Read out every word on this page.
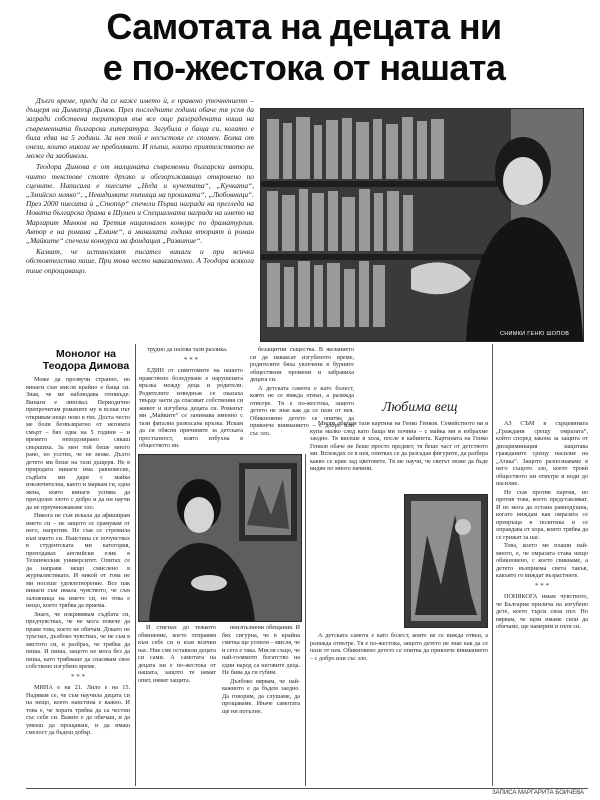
Самотата на децата ни
е по-жестока от нашата

Дълго време, преди да се каже името ѝ, е правено уточнението – дъщеря на Димитър Димов. През последните години обаче тя успя да загради собствена територия във все още разградената ниша на съвременната българска литература. Загубила е баща си, когато е била едва на 5 години. За нея той е несъстоял се спомен. Болка от онези, които никога не преболяват. И пълни, които приятелството не може да заобиколи.

Теодора Димова е от малцината съвременни български автори, чиито текстове стоят дръзко и обезоръжаващо откровено по сцените. Написала е пиесите „Неда и кучетата“, „Кучката“, „Змийско мляко“, „Невидимите пътища на прошката“, „Любовници“. През 2000 пиесата ѝ „Стопър“ спечели Първа награда на прегледа на Новата българска драма в Шумен и Специалната награда на името на Маргарит Минков на Третия национален конкурс по драматургия. Автор е на романа „Емине“, а миналата година вторият ѝ роман „Майките“ спечели конкурса на фондация „Развитие“.

Казват, че истинският писател винаги и при всички обстоятелства пише. При това често наказателно. А Теодора всякога пише опрощаващо.

СНИМКИ ГЕНЮ ШОПОВ
Монолог на Теодора Димова

Може да прозвучи странно, но винаги съм мисля крайно е баща си. Зная, че ме наблюдава отнякъде. Винаги е липсвал. Периодично препрочитам романите му и всеки път откривам нещо ново в тях. Доста често ме боли безвъзвратно от неговата смърт – бях едва на 5 години – и времето неподозирано сякаш свършиха. За мен той беше много рано, но усетих, че не може. Дълго детето ми беше на тази дъщеря. Не в природата винаги има равновесие, съдбата ми дари с майка изключителна, както и маркам ги, една жена, която винаги успява да преодолее злото с добро и да ни научи да не преумножаваме зло.

Никога не съм искала да афиширам името си – не защото се срамувам от него, напротив. Не съм се стремила към името си. Наистина се почувствах в студентската ми категория, преподавах английски език в Техническия университет. Опитах се да направя нещо смислено в журналистиката. И никой от това не ми носеше удовлетворение. Все пак винаги съм имала чувството, че съм заложница на името си, но това е нещо, което трябва да приема.

Знаех, че изкривявам съдбата си, предчувствах, че не мога повече да правя това, което не обичам. Докато не тръгнах, дълбоко чувствах, че не съм в мястото си, и разбрах, че трябва да пиша. И пиша, защото не мога без да пиша, като трябваше да спасявам свое собствено изгубено време.

* * *

МИНА е на 21. Лило е на 15. Надявам се, че съм научила децата си на нещо, което наистина е важно. И това е, че хората трябва да са честни със себе си. Важно е да обичаш, и да умееш да прощаваш, и да имаш смелост да бъдеш добър.

трудно да назова тази разлика.

* * *

ЕДИН от симптомите на нашето нравствено боледуване е нарушената връзка между деца и родители. Родителите изведнъж се оказаха твърде заети да спасяват собствения си живот и изгубиха децата си. Романът ми „Майките“ се занимава именно с тази фатална разкъсана връзка. Искам да си обясня причините за детската престъпност, която избухна в обществото ни.

безащитни същества. В желанието си да наваксат изгубеното време, родителите бяха увлечени в бурните обществени промени и забравиха децата си.

А детската самота е като болест, която не се вижда отвън, а разяжда отвътре. Тя е по-жестока, защото детето не знае как да се пази от нея. Обикновено детето се опитва да привлече вниманието – с добро или със зло.

И стигнах до тежкото обвинение, което отправям към себе си и към всички нас. Ние сме оставили децата си сами. А самотата на децата ни е по-жестока от нашата, защото те нямат опит, нямат защита.

неизпълнени обещания. И бях сигурна, че в крайна сметка ще успеем – мисля, че и сега е така. Мисля също, че най-голямото богатство на един народ са неговите деца. Не бива да ги губим.

Дълбоко вярвам, че най-важното е да бъдем заедно. Да говорим, да слушаме, да прощаваме. Иначе самотата ще ни погълне.

Любима вещ

Много обичам тази картина на Генко Генков. Семейството ни я купи малко след като баща ми почина – с майка ми я избрахме заедно. Тя висеше в хола, после в кабинета. Картината на Генко Генков обаче не беше просто предмет, тя беше част от детството ми. Вглеждах се в нея, опитвах се да разгадая фигурите, да разбера какво се крие зад цветовете. Тя ме научи, че светът може да бъде видян по много начини.

А детската самота е като болест, която не се вижда отвън, а разяжда отвътре. Тя е по-жестока, защото детето не знае как да се пази от нея. Обикновено детето се опитва да привлече вниманието – с добро или със зло.

АЗ СЪМ в сърцевината „Граждани срещу омразата“, който според закона за защита от дискриминация защитава гражданите срещу насилие на „Атака“. Защото разпознаваме в него същото зло, което тровѝ обществото ни отвътре и води до насилие.

Не съм против партия, но против това, което представляват. И не мога да остана равнодушна, когато виждам как омразата се превръща в политика и се оправдава от хора, които трябва да се грижат за нас.

Това, което ме плаши най-много, е, че омразата става нещо обикновено, с което свикваме, а детето възприема света такъв, какъвто го виждат възрастните.

* * *

ПОНЯКОГА имам чувството, че България прилича на изгубено дете, което търси своя път. Но вярвам, че щом имаме сили да обичаме, ще намерим и пътя си.

ЗАПИСА МАРГАРИТА БОЙЧЕВА
